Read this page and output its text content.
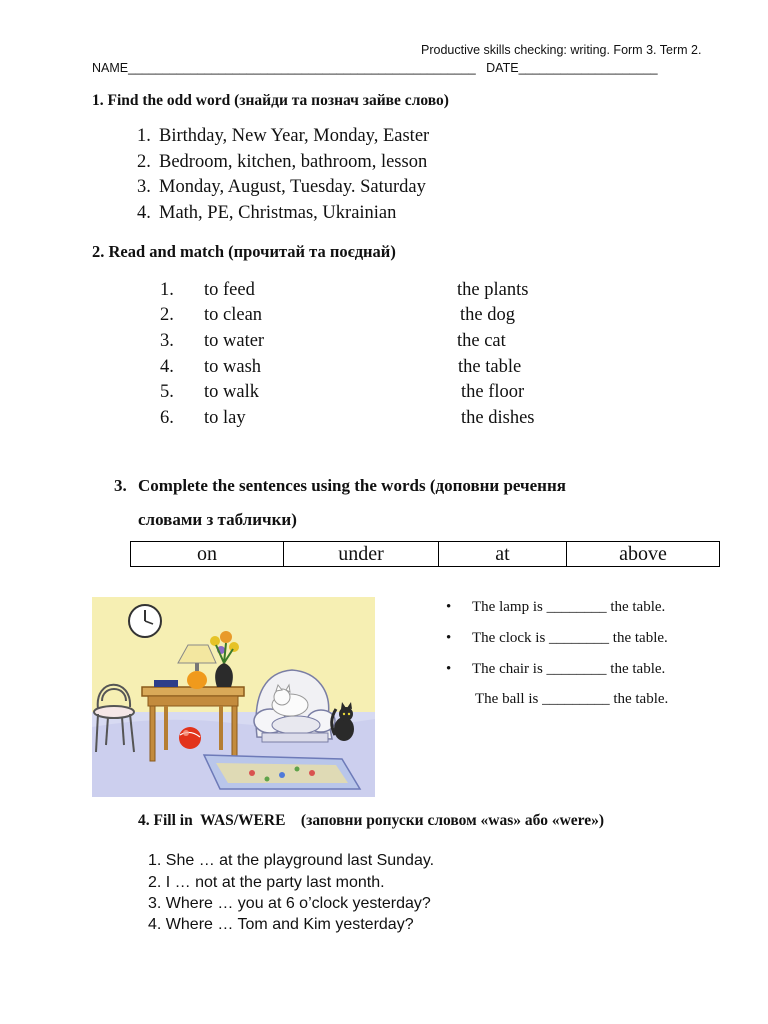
Productive skills checking: writing. Form 3. Term 2.
NAME__________________________________________________ DATE____________________
1. Find the odd word (знайди та познач зайве слово)
1. Birthday, New Year, Monday, Easter
2. Bedroom, kitchen, bathroom, lesson
3. Monday, August, Tuesday. Saturday
4. Math, PE, Christmas, Ukrainian
2. Read and match (прочитай та поєднай)
1. to feed	the plants
2. to clean	the dog
3. to water	the cat
4. to wash	the table
5. to walk	the floor
6. to lay	the dishes
3. Complete the sentences using the words (доповни речення
словами з таблички)
on	under	at	above
• The lamp is ________ the table.
• The clock is ________ the table.
• The chair is ________ the table.
The ball is _________ the table.
4. Fill in  WAS/WERE    (заповни ропуски словом «was» або «were»)
1. She … at the playground last Sunday.
2. I … not at the party last month.
3. Where … you at 6 o’clock yesterday?
4. Where … Tom and Kim yesterday?
